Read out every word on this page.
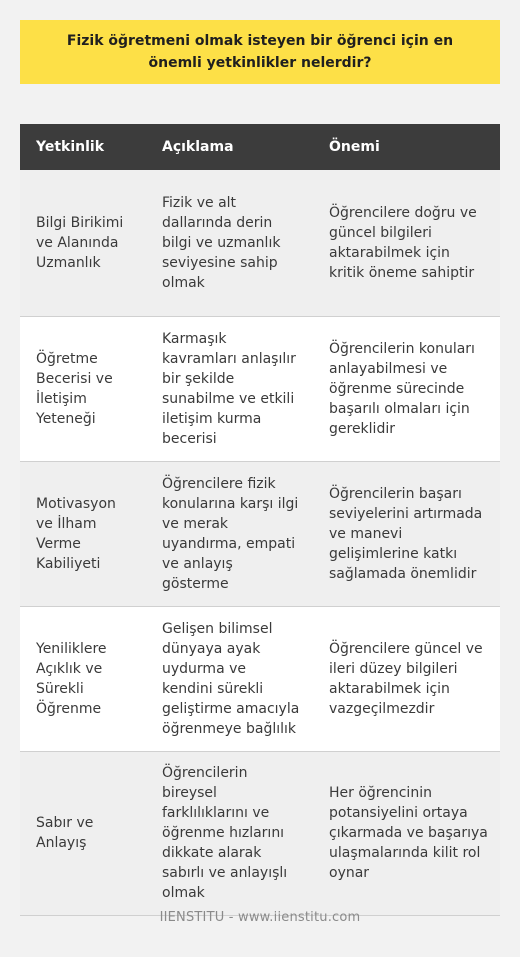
Fizik öğretmeni olmak isteyen bir öğrenci için en önemli yetkinlikler nelerdir?
Yetkinlik	Açıklama	Önemi
Bilgi Birikimi ve Alanında Uzmanlık	Fizik ve alt dallarında derin bilgi ve uzmanlık seviyesine sahip olmak	Öğrencilere doğru ve güncel bilgileri aktarabilmek için kritik öneme sahiptir
Öğretme Becerisi ve İletişim Yeteneği	Karmaşık kavramları anlaşılır bir şekilde sunabilme ve etkili iletişim kurma becerisi	Öğrencilerin konuları anlayabilmesi ve öğrenme sürecinde başarılı olmaları için gereklidir
Motivasyon ve İlham Verme Kabiliyeti	Öğrencilere fizik konularına karşı ilgi ve merak uyandırma, empati ve anlayış gösterme	Öğrencilerin başarı seviyelerini artırmada ve manevi gelişimlerine katkı sağlamada önemlidir
Yeniliklere Açıklık ve Sürekli Öğrenme	Gelişen bilimsel dünyaya ayak uydurma ve kendini sürekli geliştirme amacıyla öğrenmeye bağlılık	Öğrencilere güncel ve ileri düzey bilgileri aktarabilmek için vazgeçilmezdir
Sabır ve Anlayış	Öğrencilerin bireysel farklılıklarını ve öğrenme hızlarını dikkate alarak sabırlı ve anlayışlı olmak	Her öğrencinin potansiyelini ortaya çıkarmada ve başarıya ulaşmalarında kilit rol oynar
IIENSTITU - www.iienstitu.com
